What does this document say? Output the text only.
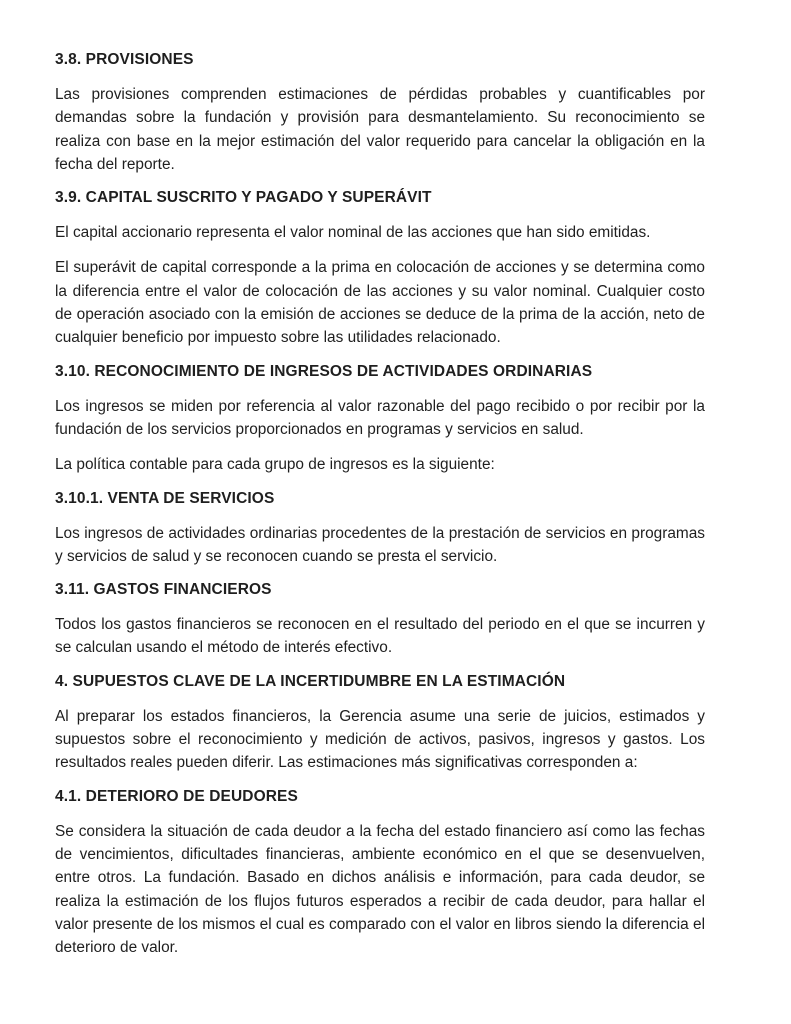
3.8. PROVISIONES

Las provisiones comprenden estimaciones de pérdidas probables y cuantificables por demandas sobre la fundación y provisión para desmantelamiento. Su reconocimiento se realiza con base en la mejor estimación del valor requerido para cancelar la obligación en la fecha del reporte.

3.9. CAPITAL SUSCRITO Y PAGADO Y SUPERÁVIT

El capital accionario representa el valor nominal de las acciones que han sido emitidas.

El superávit de capital corresponde a la prima en colocación de acciones y se determina como la diferencia entre el valor de colocación de las acciones y su valor nominal. Cualquier costo de operación asociado con la emisión de acciones se deduce de la prima de la acción, neto de cualquier beneficio por impuesto sobre las utilidades relacionado.

3.10. RECONOCIMIENTO DE INGRESOS DE ACTIVIDADES ORDINARIAS

Los ingresos se miden por referencia al valor razonable del pago recibido o por recibir por la fundación de los servicios proporcionados en programas y servicios en salud.

La política contable para cada grupo de ingresos es la siguiente:

3.10.1. VENTA DE SERVICIOS

Los ingresos de actividades ordinarias procedentes de la prestación de servicios en programas y servicios de salud y se reconocen cuando se presta el servicio.

3.11. GASTOS FINANCIEROS

Todos los gastos financieros se reconocen en el resultado del periodo en el que se incurren y se calculan usando el método de interés efectivo.

4. SUPUESTOS CLAVE DE LA INCERTIDUMBRE EN LA ESTIMACIÓN

Al preparar los estados financieros, la Gerencia asume una serie de juicios, estimados y supuestos sobre el reconocimiento y medición de activos, pasivos, ingresos y gastos. Los resultados reales pueden diferir. Las estimaciones más significativas corresponden a:

4.1. DETERIORO DE DEUDORES

Se considera la situación de cada deudor a la fecha del estado financiero así como las fechas de vencimientos, dificultades financieras, ambiente económico en el que se desenvuelven, entre otros. La fundación. Basado en dichos análisis e información, para cada deudor, se realiza la estimación de los flujos futuros esperados a recibir de cada deudor, para hallar el valor presente de los mismos el cual es comparado con el valor en libros siendo la diferencia el deterioro de valor.
